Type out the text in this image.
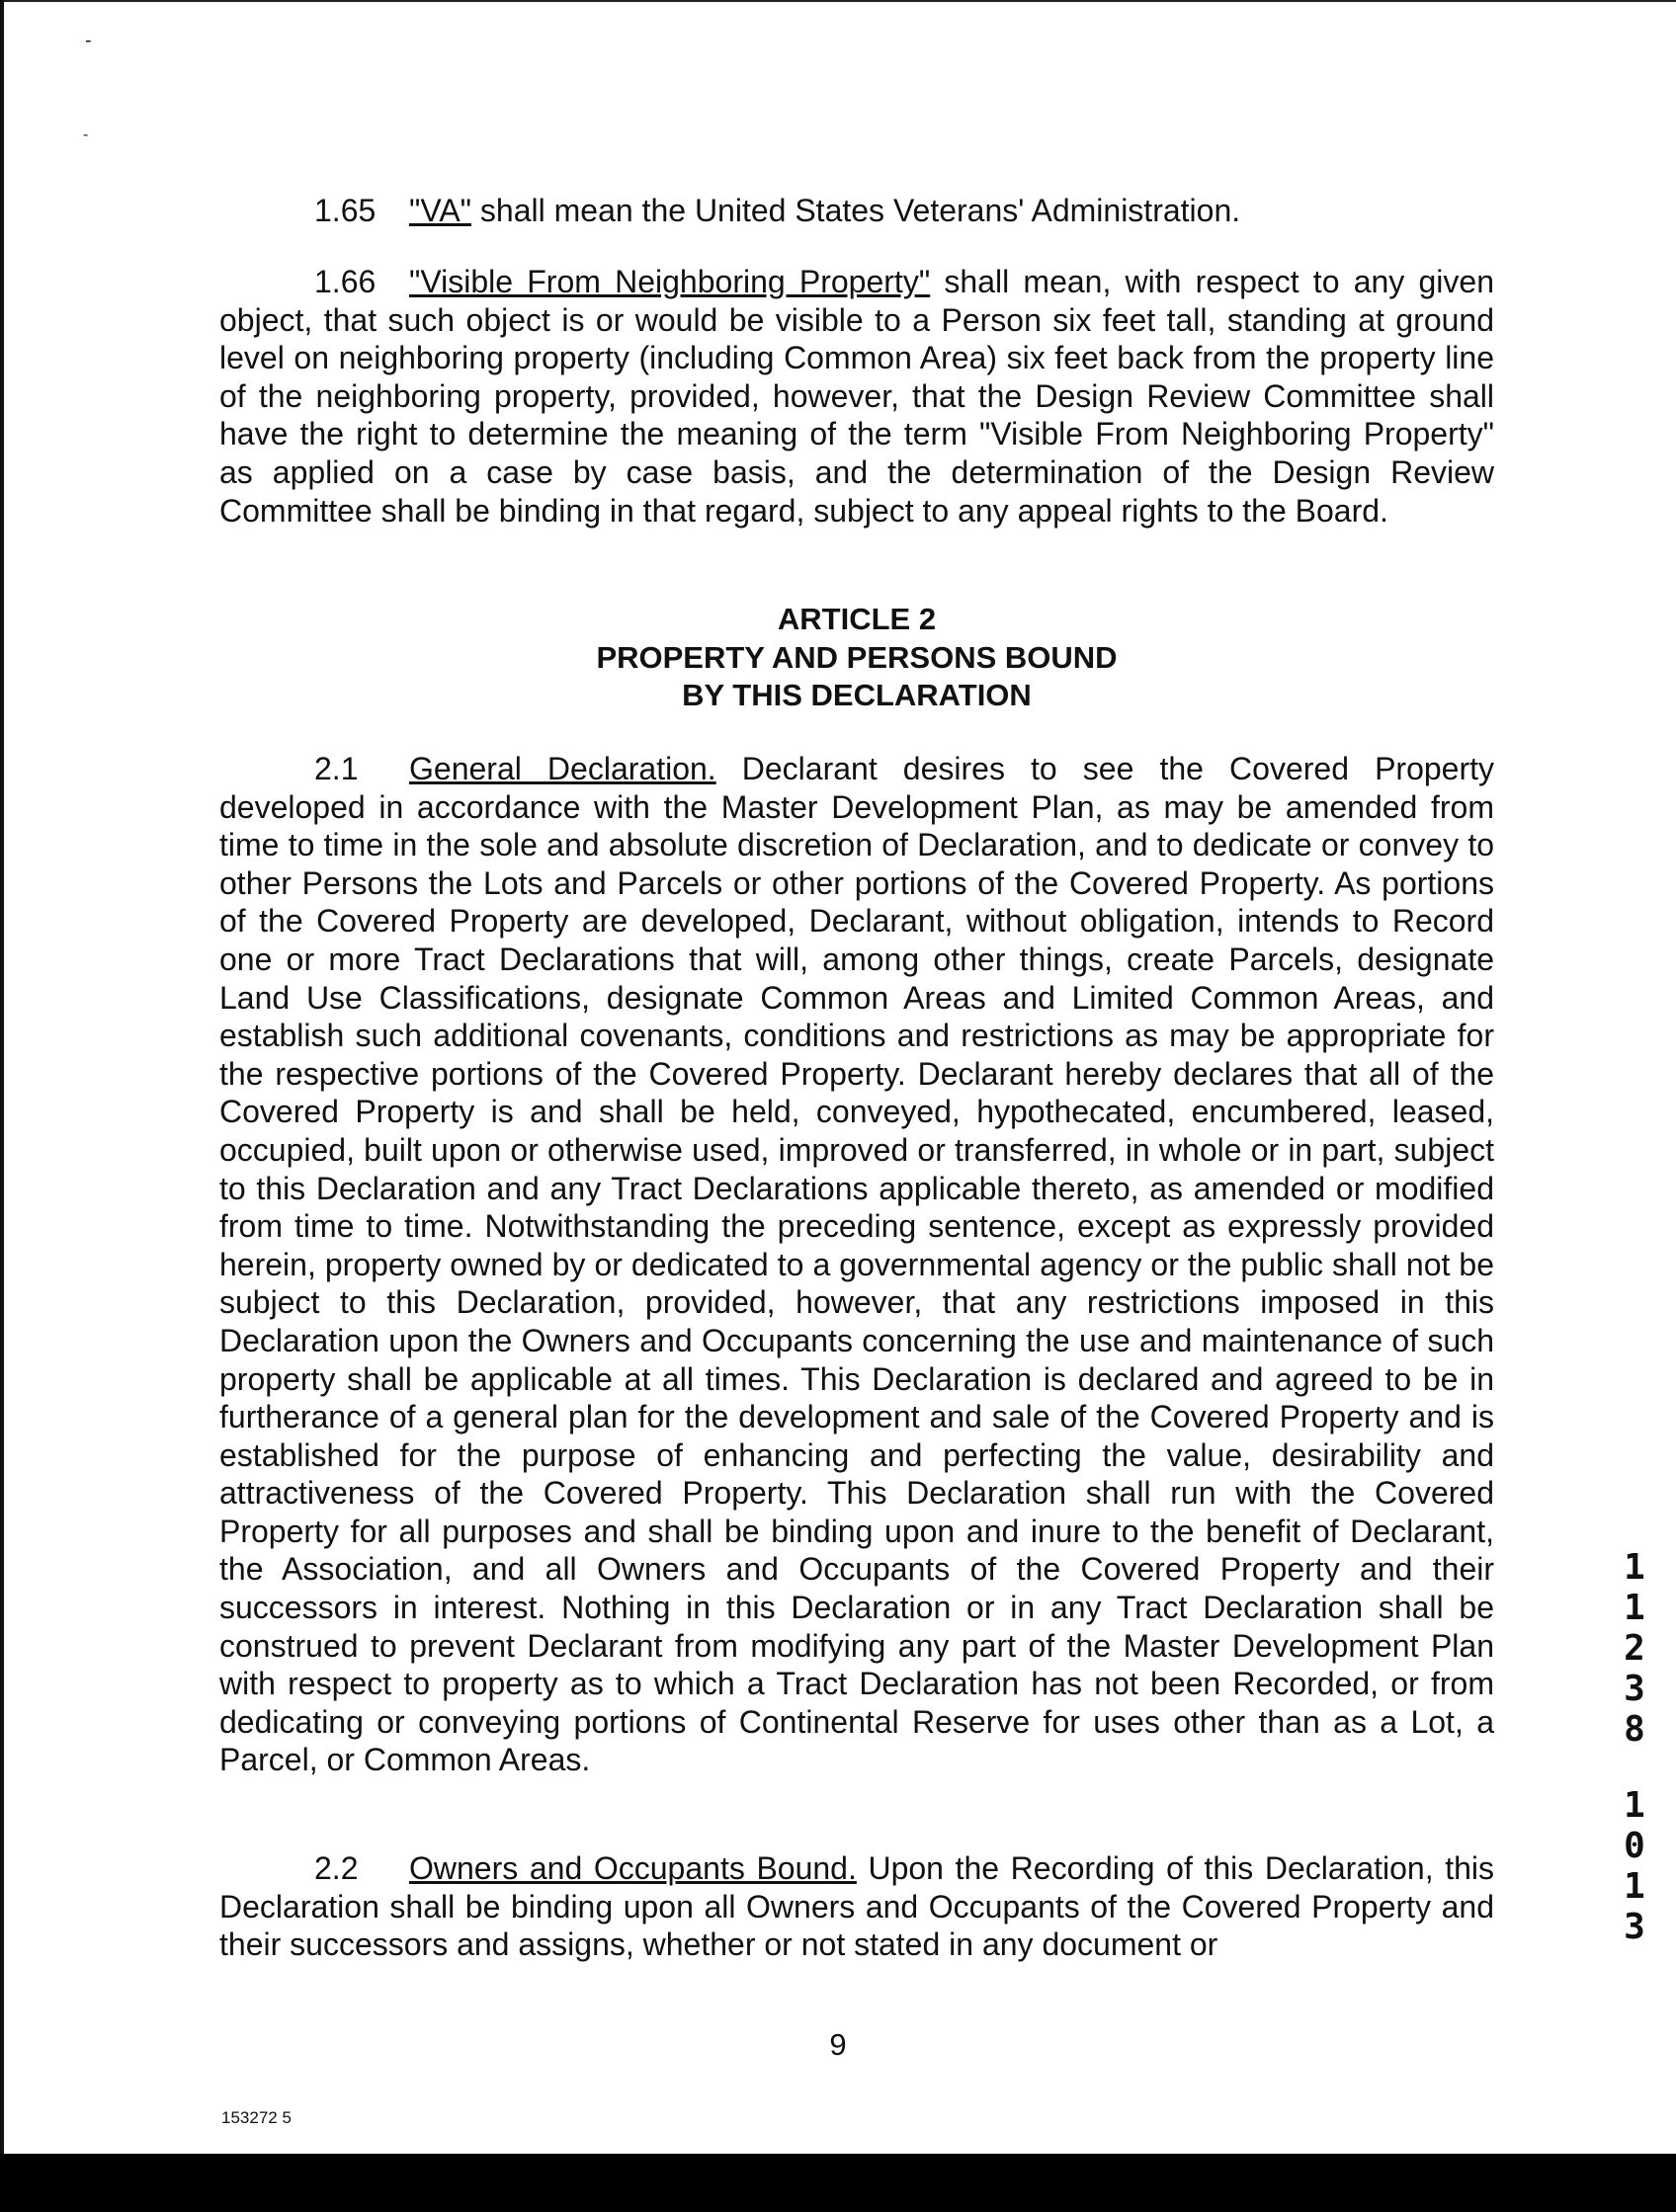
-
-

1.65 "VA" shall mean the United States Veterans' Administration.

1.66 "Visible From Neighboring Property" shall mean, with respect to any given object, that such object is or would be visible to a Person six feet tall, standing at ground level on neighboring property (including Common Area) six feet back from the property line of the neighboring property, provided, however, that the Design Review Committee shall have the right to determine the meaning of the term "Visible From Neighboring Property" as applied on a case by case basis, and the determination of the Design Review Committee shall be binding in that regard, subject to any appeal rights to the Board.

ARTICLE 2
PROPERTY AND PERSONS BOUND
BY THIS DECLARATION

2.1 General Declaration. Declarant desires to see the Covered Property developed in accordance with the Master Development Plan, as may be amended from time to time in the sole and absolute discretion of Declaration, and to dedicate or convey to other Persons the Lots and Parcels or other portions of the Covered Property. As portions of the Covered Property are developed, Declarant, without obligation, intends to Record one or more Tract Declarations that will, among other things, create Parcels, designate Land Use Classifications, designate Common Areas and Limited Common Areas, and establish such additional covenants, conditions and restrictions as may be appropriate for the respective portions of the Covered Property. Declarant hereby declares that all of the Covered Property is and shall be held, conveyed, hypothecated, encumbered, leased, occupied, built upon or otherwise used, improved or transferred, in whole or in part, subject to this Declaration and any Tract Declarations applicable thereto, as amended or modified from time to time. Notwithstanding the preceding sentence, except as expressly provided herein, property owned by or dedicated to a governmental agency or the public shall not be subject to this Declaration, provided, however, that any restrictions imposed in this Declaration upon the Owners and Occupants concerning the use and maintenance of such property shall be applicable at all times. This Declaration is declared and agreed to be in furtherance of a general plan for the development and sale of the Covered Property and is established for the purpose of enhancing and perfecting the value, desirability and attractiveness of the Covered Property. This Declaration shall run with the Covered Property for all purposes and shall be binding upon and inure to the benefit of Declarant, the Association, and all Owners and Occupants of the Covered Property and their successors in interest. Nothing in this Declaration or in any Tract Declaration shall be construed to prevent Declarant from modifying any part of the Master Development Plan with respect to property as to which a Tract Declaration has not been Recorded, or from dedicating or conveying portions of Continental Reserve for uses other than as a Lot, a Parcel, or Common Areas.

2.2 Owners and Occupants Bound. Upon the Recording of this Declaration, this Declaration shall be binding upon all Owners and Occupants of the Covered Property and their successors and assigns, whether or not stated in any document or

1
1
2
3
8
1
0
1
3
9
153272 5
